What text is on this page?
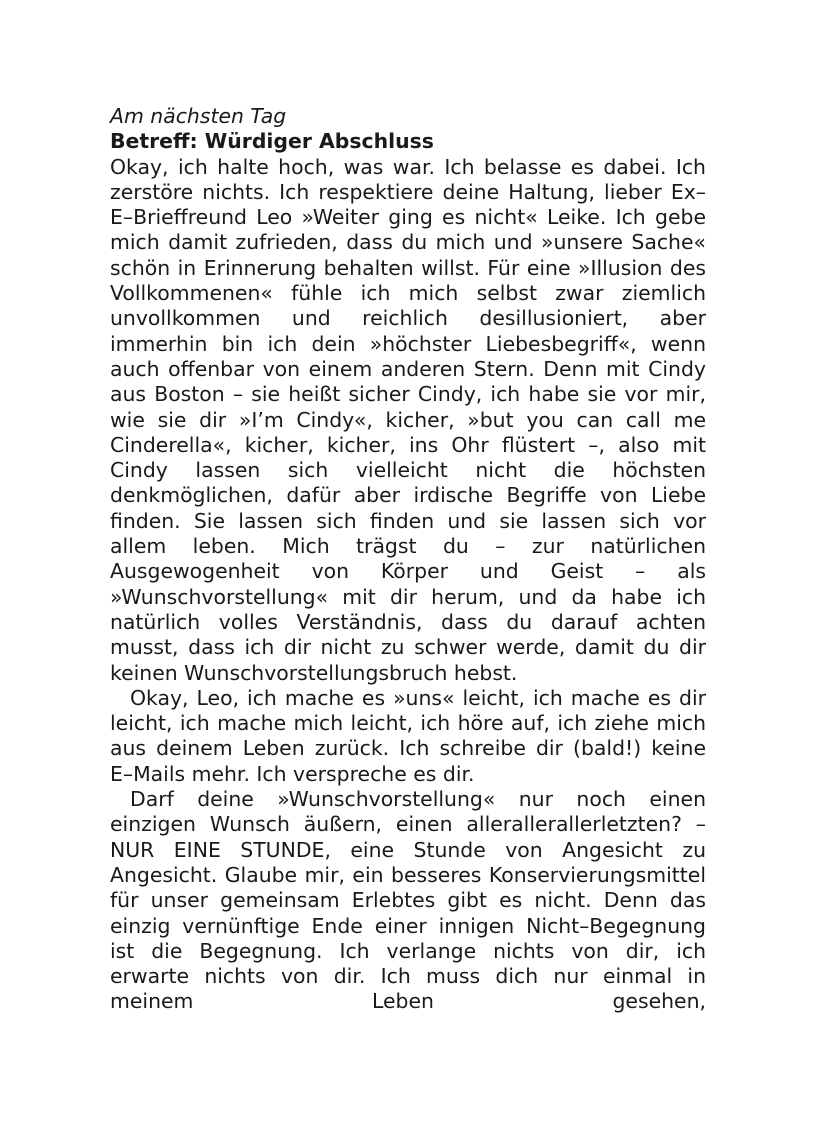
Am nächsten Tag

Betreff: Würdiger Abschluss

Okay, ich halte hoch, was war. Ich belasse es dabei. Ich zerstöre nichts. Ich respektiere deine Haltung, lieber Ex–E–Brieffreund Leo »Weiter ging es nicht« Leike. Ich gebe mich damit zufrieden, dass du mich und »unsere Sache« schön in Erinnerung behalten willst. Für eine »Illusion des Vollkommenen« fühle ich mich selbst zwar ziemlich unvollkommen und reichlich desillusioniert, aber immerhin bin ich dein »höchster Liebesbegriff«, wenn auch offenbar von einem anderen Stern. Denn mit Cindy aus Boston – sie heißt sicher Cindy, ich habe sie vor mir, wie sie dir »I’m Cindy«, kicher, »but you can call me Cinderella«, kicher, kicher, ins Ohr flüstert –, also mit Cindy lassen sich vielleicht nicht die höchsten denkmöglichen, dafür aber irdische Begriffe von Liebe finden. Sie lassen sich finden und sie lassen sich vor allem leben. Mich trägst du – zur natürlichen Ausgewogenheit von Körper und Geist – als »Wunschvorstellung« mit dir herum, und da habe ich natürlich volles Verständnis, dass du darauf achten musst, dass ich dir nicht zu schwer werde, damit du dir keinen Wunschvorstellungsbruch hebst.

Okay, Leo, ich mache es »uns« leicht, ich mache es dir leicht, ich mache mich leicht, ich höre auf, ich ziehe mich aus deinem Leben zurück. Ich schreibe dir (bald!) keine E–Mails mehr. Ich verspreche es dir.

Darf deine »Wunschvorstellung« nur noch einen einzigen Wunsch äußern, einen allerallerallerletzten? – NUR EINE STUNDE, eine Stunde von Angesicht zu Angesicht. Glaube mir, ein besseres Konservierungsmittel für unser gemeinsam Erlebtes gibt es nicht. Denn das einzig vernünftige Ende einer innigen Nicht–Begegnung ist die Begegnung. Ich verlange nichts von dir, ich erwarte nichts von dir. Ich muss dich nur einmal in meinem Leben gesehen,
